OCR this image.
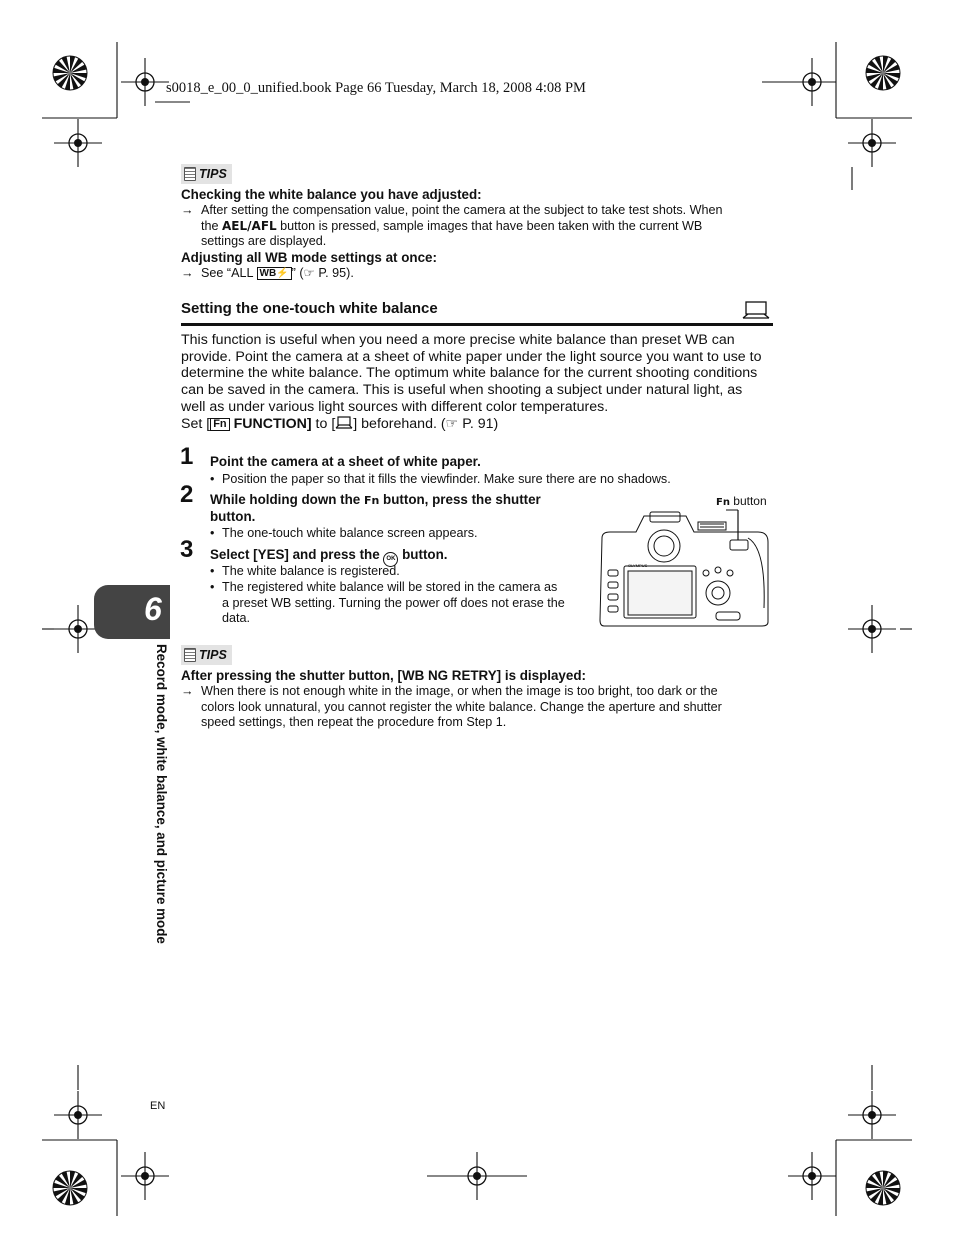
s0018_e_00_0_unified.book Page 66 Tuesday, March 18, 2008 4:08 PM
TIPS
Checking the white balance you have adjusted:
→ After setting the compensation value, point the camera at the subject to take test shots. When
the AEL/AFL button is pressed, sample images that have been taken with the current WB
settings are displayed.
Adjusting all WB mode settings at once:
→ See “ALL WB⚡ ” (☞ P. 95).
Setting the one-touch white balance
This function is useful when you need a more precise white balance than preset WB can
provide. Point the camera at a sheet of white paper under the light source you want to use to
determine the white balance. The optimum white balance for the current shooting conditions
can be saved in the camera. This is useful when shooting a subject under natural light, as
well as under various light sources with different color temperatures.
Set [ Fn FUNCTION] to [ ] beforehand. (☞ P. 91)
1 Point the camera at a sheet of white paper.
• Position the paper so that it fills the viewfinder. Make sure there are no shadows.
2 While holding down the Fn button, press the shutter
button.
• The one-touch white balance screen appears.
3 Select [YES] and press the OK button.
• The white balance is registered.
• The registered white balance will be stored in the camera as
a preset WB setting. Turning the power off does not erase the
data.
Fn button
OLYMPUS
6
Record mode, white balance, and picture mode TIPS
After pressing the shutter button, [WB NG RETRY] is displayed:
→ When there is not enough white in the image, or when the image is too bright, too dark or the
colors look unnatural, you cannot register the white balance. Change the aperture and shutter
speed settings, then repeat the procedure from Step 1.
EN
